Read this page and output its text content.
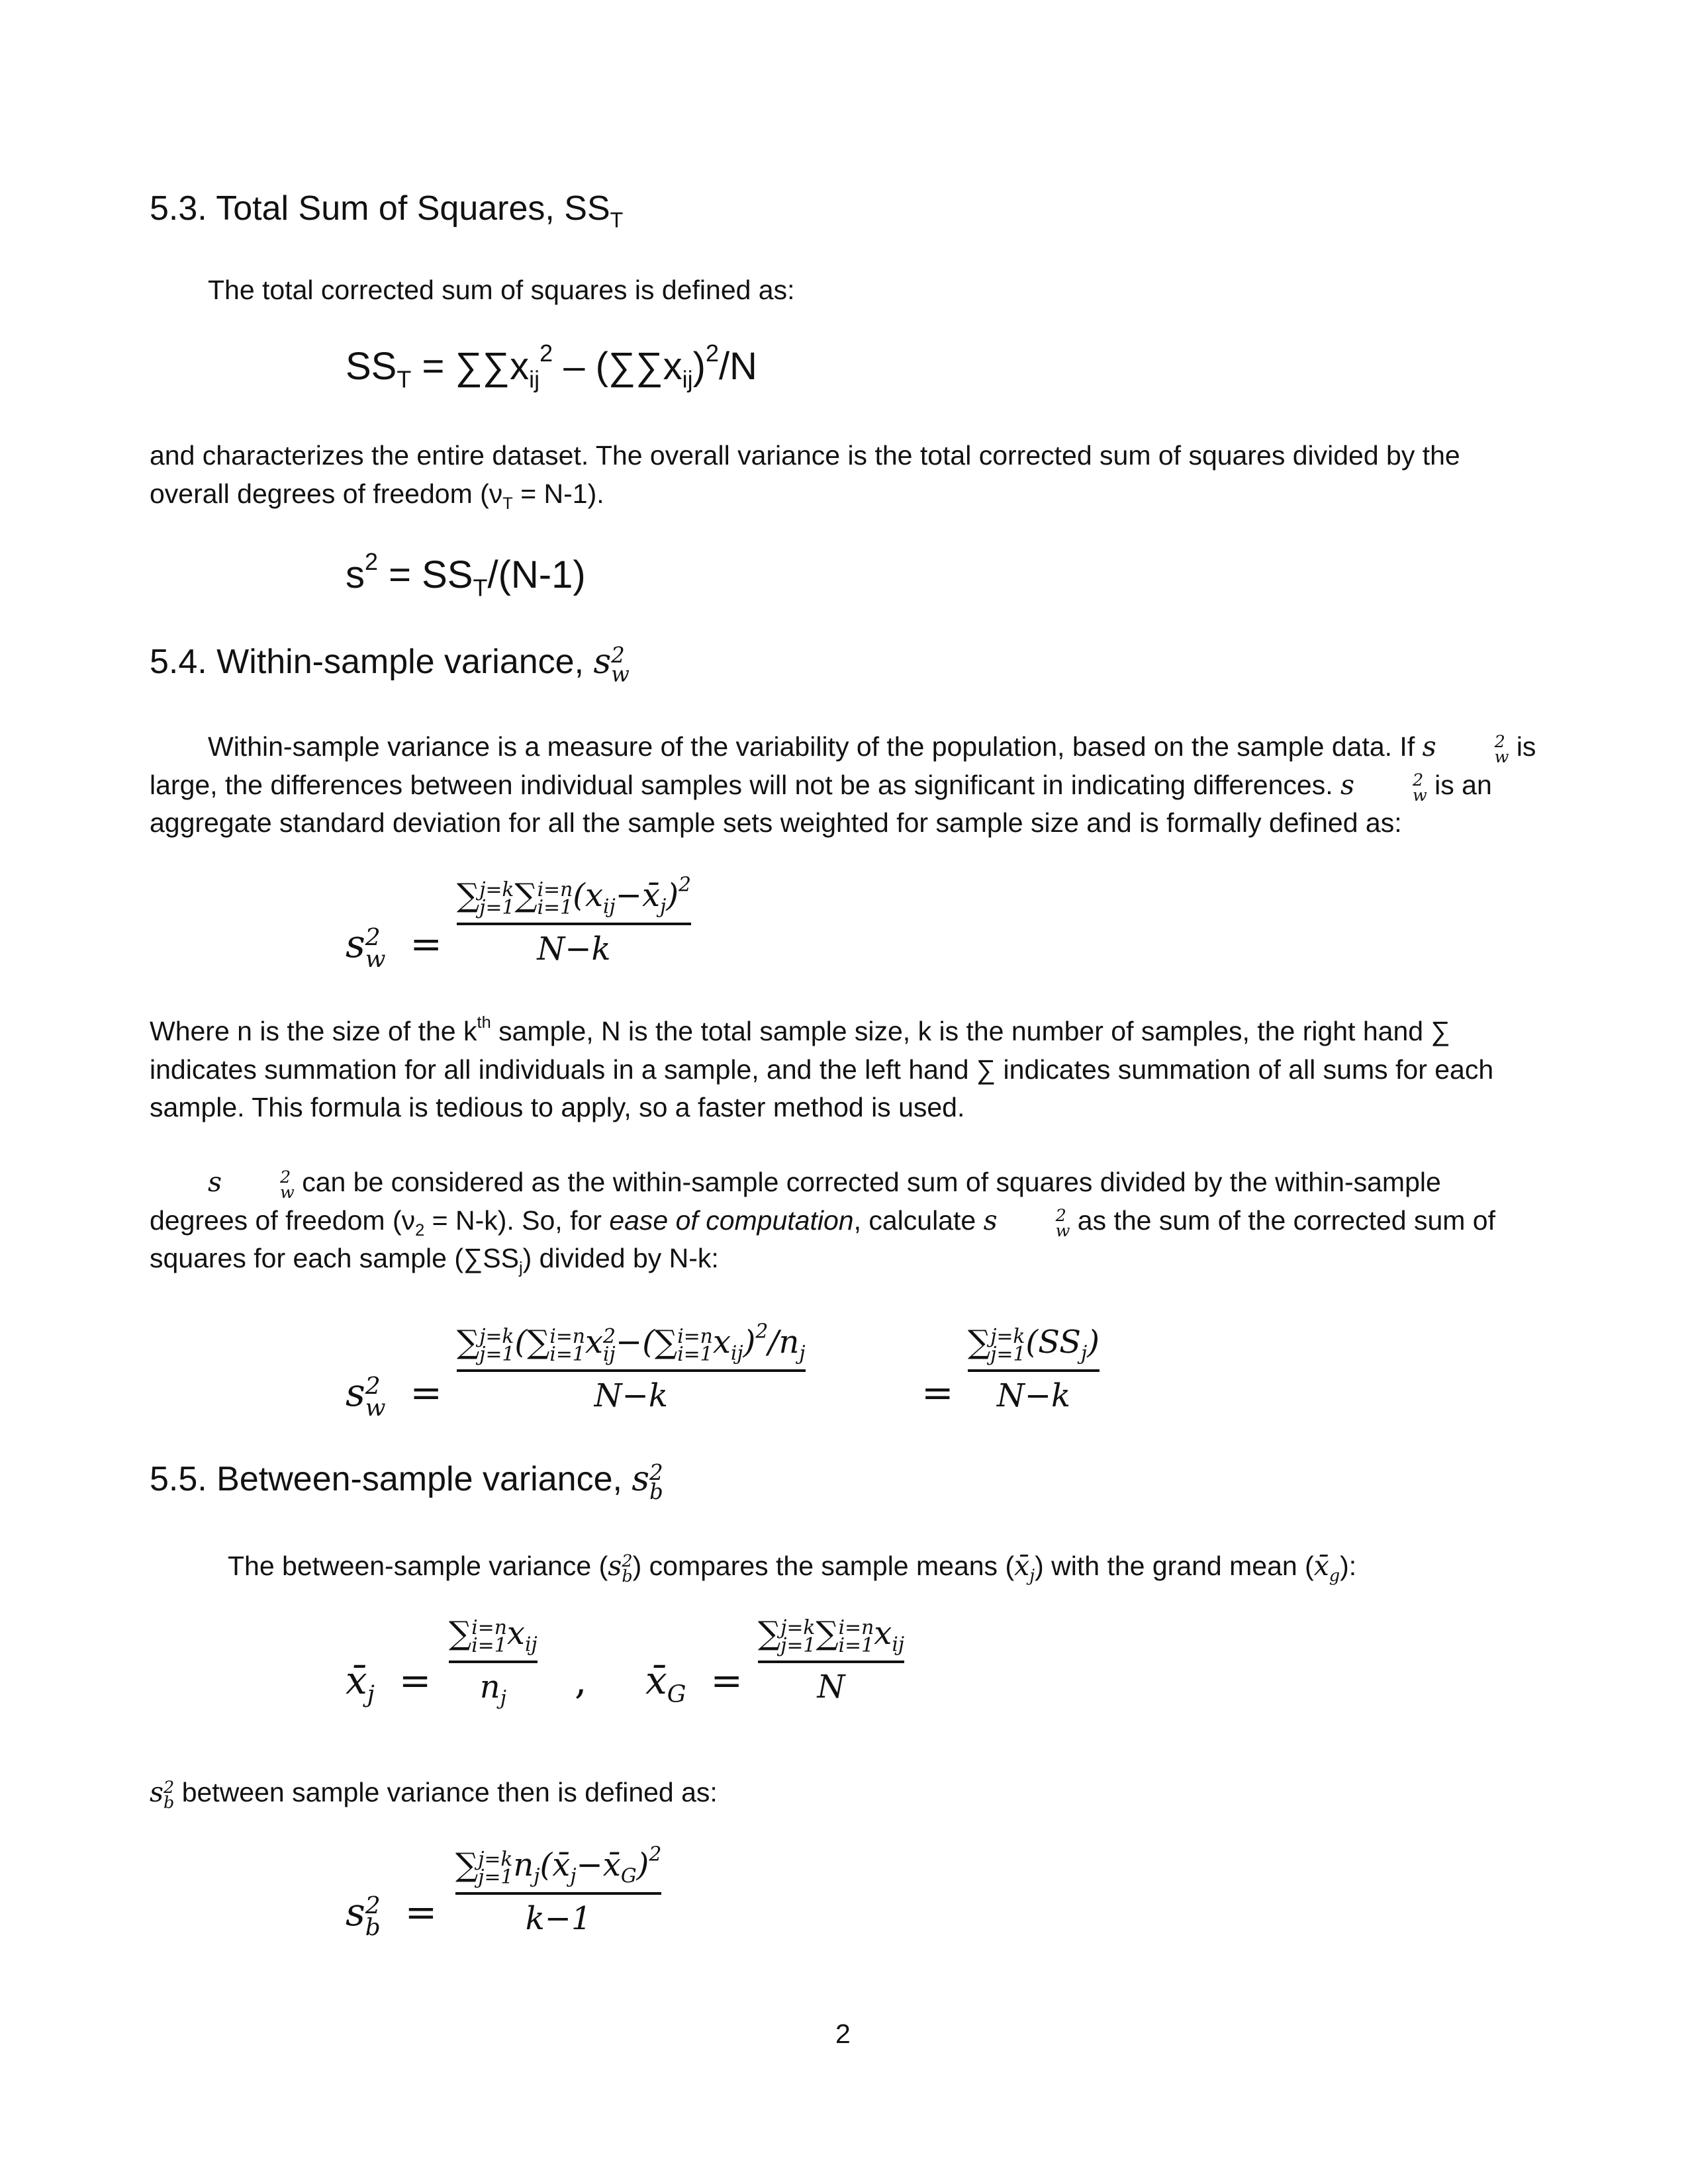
5.3. Total Sum of Squares, $SS_T$
The total corrected sum of squares is defined as:
$SS_T = \sum\sum x_{ij}^2 - (\sum\sum x_{ij})^2/N$
and characterizes the entire dataset. The overall variance is the total corrected sum of squares divided by the overall degrees of freedom $(\nu_T = N-1)$.
$s^2 = SS_T/(N-1)$
5.4. Within-sample variance, s 2
w
Within-sample variance is a measure of the variability of the population, based on the sample data. If s	2
w is large, the differences between individual samples will not be as significant in indicating differences. s	2
w is an aggregate standard deviation for all the sample sets weighted for sample size and is formally defined as:
s 2
w =
∑ j=k
j=1 ∑ i=n
i=1 $(x_{ij}-x̄_j)^2$
N−k
Where n is the size of the $k^{th}$ sample, N is the total sample size, k is the number of samples, the right hand ∑ indicates summation for all individuals in a sample, and the left hand ∑ indicates summation of all sums for each sample. This formula is tedious to apply, so a faster method is used.
s	2
w can be considered as the within-sample corrected sum of squares divided by the within-sample degrees of freedom $(\nu_2 = N-k)$. So, for ease of computation, calculate s	2
w as the sum of the corrected sum of squares for each sample $(\sum SS_j)$ divided by N-k:
s 2
w =
∑ j=k
j=1 (∑ i=n
i=1 x 2
ij −(∑ i=n
i=1 $x_{ij})^2/n_j$
N−k	=
∑ j=k
j=1 $(SS_j)$
N−k
5.5. Between-sample variance, s 2
b
The between-sample variance (s 2
b ) compares the sample means $(x̄_j)$ with the grand mean $(x̄_g)$:
$x̄_j$  =
∑ i=n
i=1 $x_{ij}$
$n_j$ , $x̄_G$  =
∑ j=k
j=1 ∑ i=n
i=1 $x_{ij}$
N
s 2
b between sample variance then is defined as:
s 2
b =
∑ j=k
j=1 $n_j(x̄_j-x̄_G)^2$
k−1
2
